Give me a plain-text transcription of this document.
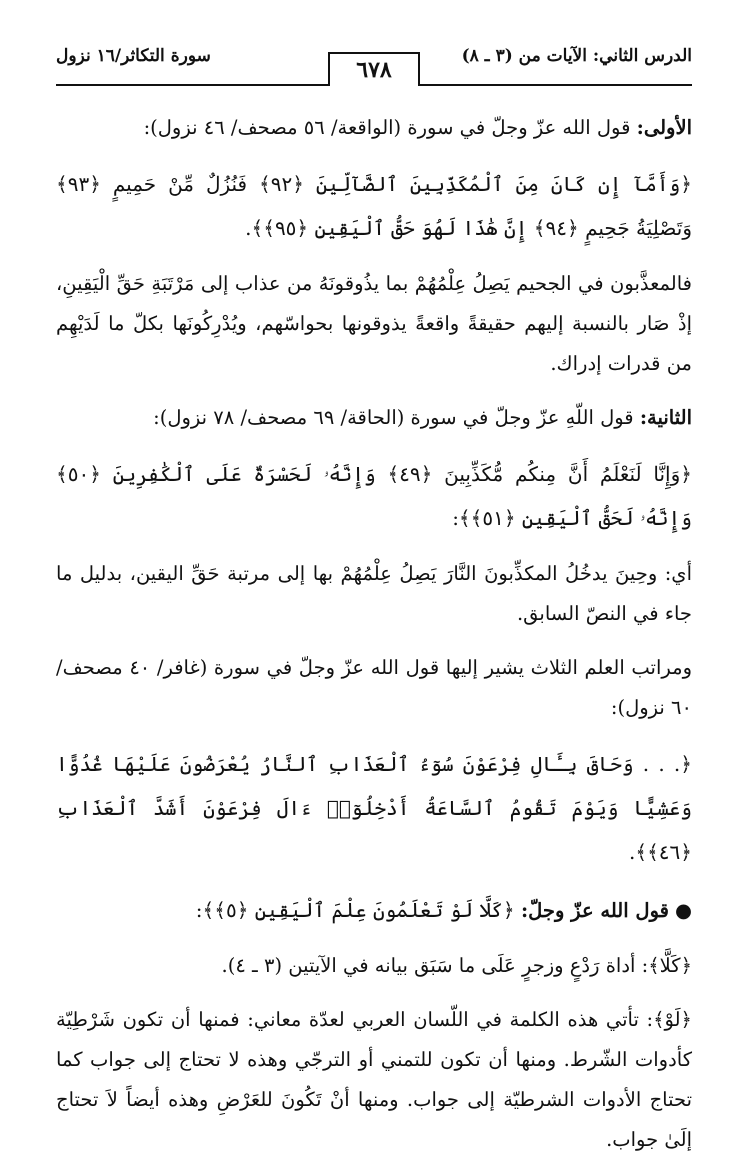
سورة التكاثر/١٦ نزول
٦٧٨
الدرس الثاني: الآيات من (٣ ـ ٨)

الأولى: قول الله عزّ وجلّ في سورة (الواقعة/ ٥٦ مصحف/ ٤٦ نزول):

﴿وَأَمَّآ إِن كَانَ مِنَ ٱلْمُكَذِّبِينَ ٱلضَّآلِّينَ ﴿٩٢﴾ فَنُزُلٌ مِّنْ حَمِيمٍ ﴿٩٣﴾ وَتَصْلِيَةُ جَحِيمٍ ﴿٩٤﴾ إِنَّ هَٰذَا لَهُوَ حَقُّ ٱلْيَقِينِ ﴿٩٥﴾﴾.

فالمعذَّبون في الجحيم يَصِلُ عِلْمُهُمْ بما يذُوقونَهُ من عذاب إلى مَرْتَبَةِ حَقِّ الْيَقِينِ، إذْ صَار بالنسبة إليهم حقيقةً واقعةً يذوقونها بحواسّهم، ويُدْرِكُونَها بكلّ ما لَدَيْهِم من قدرات إدراك.

الثانية: قول اللّهِ عزّ وجلّ في سورة (الحاقة/ ٦٩ مصحف/ ٧٨ نزول):

﴿وَإِنَّا لَنَعْلَمُ أَنَّ مِنكُم مُّكَذِّبِينَ ﴿٤٩﴾ وَإِنَّهُۥ لَحَسْرَةٌ عَلَى ٱلْكَٰفِرِينَ ﴿٥٠﴾ وَإِنَّهُۥ لَحَقُّ ٱلْيَقِينِ ﴿٥١﴾﴾:

أي: وحِينَ يدخُلُ المكذِّبونَ النَّارَ يَصِلُ عِلْمُهُمْ بها إلى مرتبة حَقِّ اليقين، بدليل ما جاء في النصّ السابق.

ومراتب العلم الثلاث يشير إليها قول الله عزّ وجلّ في سورة (غافر/ ٤٠ مصحف/ ٦٠ نزول):

﴿. . . وَحَاقَ بِـَٔالِ فِرْعَوْنَ سُوٓءُ ٱلْعَذَابِ ٱلنَّارُ يُعْرَضُونَ عَلَيْهَا غُدُوًّا وَعَشِيًّا وَيَوْمَ تَقُومُ ٱلسَّاعَةُ أَدْخِلُوٓا۟ ءَالَ فِرْعَوْنَ أَشَدَّ ٱلْعَذَابِ ﴿٤٦﴾﴾.

●قول الله عزّ وجلّ: ﴿كَلَّا لَوْ تَعْلَمُونَ عِلْمَ ٱلْيَقِينِ ﴿٥﴾﴾:

﴿كَلَّا﴾: أداة رَدْعٍ وزجرٍ عَلَى ما سَبَق بيانه في الآيتين (٣ ـ ٤).

﴿لَوْ﴾: تأتي هذه الكلمة في اللّسان العربي لعدّة معاني: فمنها أن تكون شَرْطِيّة كأدوات الشّرط. ومنها أن تكون للتمني أو الترجّي وهذه لا تحتاج إلى جواب كما تحتاج الأدوات الشرطيّة إلى جواب. ومنها أنْ تَكُونَ للعَرْضِ وهذه أيضاً لاَ تحتاج إلَىٰ جواب.
